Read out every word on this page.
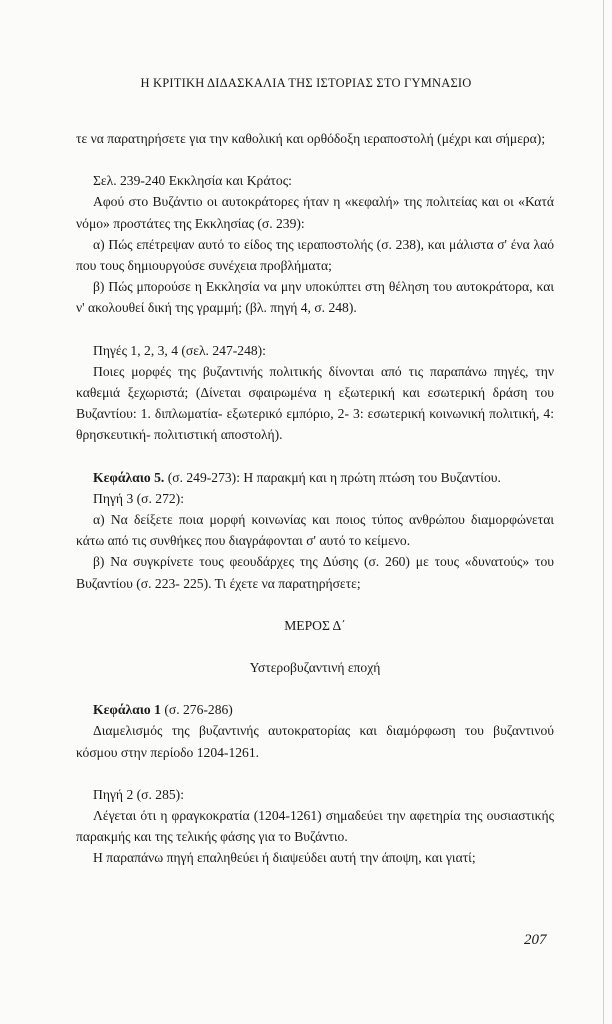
Η ΚΡΙΤΙΚΗ ΔΙΔΑΣΚΑΛΙΑ ΤΗΣ ΙΣΤΟΡΙΑΣ ΣΤΟ ΓΥΜΝΑΣΙΟ

τε να παρατηρήσετε για την καθολική και ορθόδοξη ιεραποστολή (μέχρι και σήμερα);

Σελ. 239-240 Εκκλησία και Κράτος:

Αφού στο Βυζάντιο οι αυτοκράτορες ήταν η «κεφαλή» της πολιτείας και οι «Κατά νόμο» προστάτες της Εκκλησίας (σ. 239):

α) Πώς επέτρεψαν αυτό το είδος της ιεραποστολής (σ. 238), και μάλιστα σ' ένα λαό που τους δημιουργούσε συνέχεια προβλήματα;

β) Πώς μπορούσε η Εκκλησία να μην υποκύπτει στη θέληση του αυτοκράτορα, και ν' ακολουθεί δική της γραμμή; (βλ. πηγή 4, σ. 248).

Πηγές 1, 2, 3, 4 (σελ. 247-248):

Ποιες μορφές της βυζαντινής πολιτικής δίνονται από τις παραπάνω πηγές, την καθεμιά ξεχωριστά; (Δίνεται σφαιρωμένα η εξωτερική και εσωτερική δράση του Βυζαντίου: 1. διπλωματία- εξωτερικό εμπόριο, 2- 3: εσωτερική κοινωνική πολιτική, 4: θρησκευτική- πολιτιστική αποστολή).

Κεφάλαιο 5. (σ. 249-273): Η παρακμή και η πρώτη πτώση του Βυζαντίου.

Πηγή 3 (σ. 272):

α) Να δείξετε ποια μορφή κοινωνίας και ποιος τύπος ανθρώπου διαμορφώνεται κάτω από τις συνθήκες που διαγράφονται σ' αυτό το κείμενο.

β) Να συγκρίνετε τους φεουδάρχες της Δύσης (σ. 260) με τους «δυνατούς» του Βυζαντίου (σ. 223- 225). Τι έχετε να παρατηρήσετε;

ΜΕΡΟΣ Δ΄

Υστεροβυζαντινή εποχή

Κεφάλαιο 1 (σ. 276-286)

Διαμελισμός της βυζαντινής αυτοκρατορίας και διαμόρφωση του βυζαντινού κόσμου στην περίοδο 1204-1261.

Πηγή 2 (σ. 285):

Λέγεται ότι η φραγκοκρατία (1204-1261) σημαδεύει την αφετηρία της ουσιαστικής παρακμής και της τελικής φάσης για το Βυζάντιο.

Η παραπάνω πηγή επαληθεύει ή διαψεύδει αυτή την άποψη, και γιατί;

207
